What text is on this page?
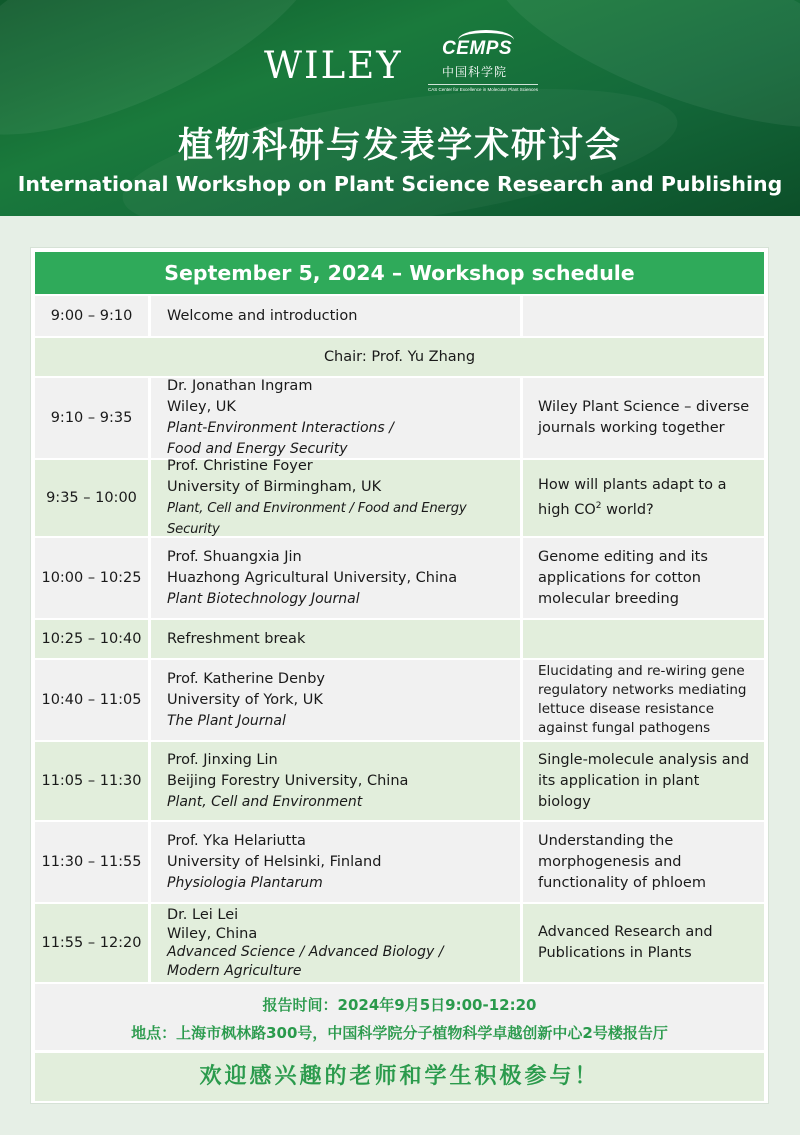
WILEY CEMPS
中国科学院
CAS Center for Excellence in Molecular Plant Sciences
植物科研与发表学术研讨会
International Workshop on Plant Science Research and Publishing
September 5, 2024 – Workshop schedule
9:00 – 9:10	Welcome and introduction
Chair: Prof. Yu Zhang
9:10 – 9:35
Dr. Jonathan Ingram
Wiley, UK
Plant-Environment Interactions /
Food and Energy Security
Wiley Plant Science – diverse journals working together
9:35 – 10:00
Prof. Christine Foyer
University of Birmingham, UK
Plant, Cell and Environment / Food and Energy Security
How will plants adapt to a high $CO^2$ world?
10:00 – 10:25
Prof. Shuangxia Jin
Huazhong Agricultural University, China
Plant Biotechnology Journal
Genome editing and its applications for cotton molecular breeding
10:25 – 10:40	Refreshment break
10:40 – 11:05
Prof. Katherine Denby
University of York, UK
The Plant Journal
Elucidating and re-wiring gene regulatory networks mediating lettuce disease resistance against fungal pathogens
11:05 – 11:30
Prof. Jinxing Lin
Beijing Forestry University, China
Plant, Cell and Environment
Single-molecule analysis and its application in plant biology
11:30 – 11:55
Prof. Yka Helariutta
University of Helsinki, Finland
Physiologia Plantarum
Understanding the morphogenesis and functionality of phloem
11:55 – 12:20
Dr. Lei Lei
Wiley, China
Advanced Science / Advanced Biology /
Modern Agriculture
Advanced Research and Publications in Plants
报告时间：2024年9月5日9:00-12:20
地点：上海市枫林路300号，中国科学院分子植物科学卓越创新中心2号楼报告厅
欢迎感兴趣的老师和学生积极参与！
